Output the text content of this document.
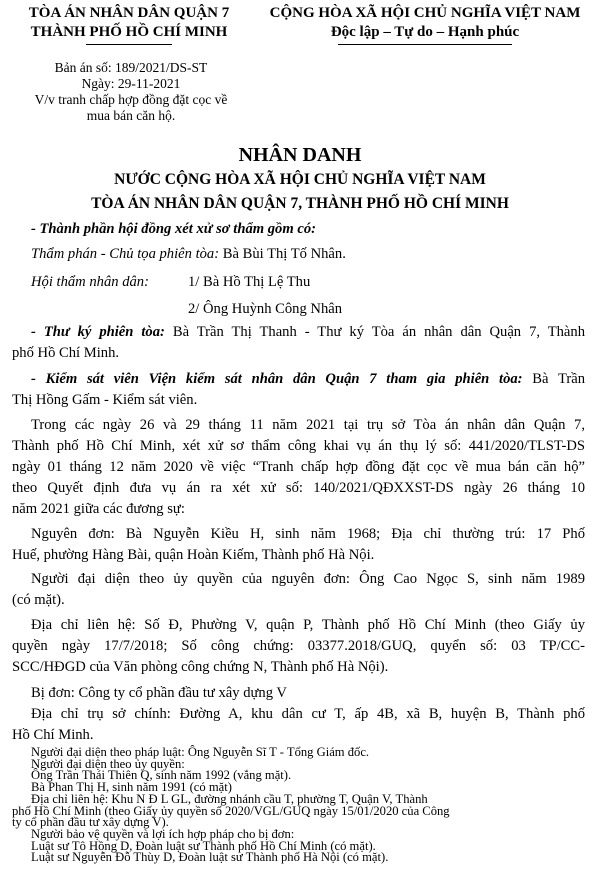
TÒA ÁN NHÂN DÂN QUẬN 7
THÀNH PHỐ HỒ CHÍ MINH
CỘNG HÒA XÃ HỘI CHỦ NGHĨA VIỆT NAM
Độc lập – Tự do – Hạnh phúc
Bản án số: 189/2021/DS-ST
Ngày: 29-11-2021
V/v tranh chấp hợp đồng đặt cọc về
mua bán căn hộ.
NHÂN DANH
NƯỚC CỘNG HÒA XÃ HỘI CHỦ NGHĨA VIỆT NAM
TÒA ÁN NHÂN DÂN QUẬN 7, THÀNH PHỐ HỒ CHÍ MINH
- Thành phần hội đồng xét xử sơ thẩm gồm có:
Thẩm phán - Chủ tọa phiên tòa: Bà Bùi Thị Tố Nhân.
Hội thẩm nhân dân:	1/ Bà Hồ Thị Lệ Thu
2/ Ông Huỳnh Công Nhân
- Thư ký phiên tòa: Bà Trần Thị Thanh - Thư ký Tòa án nhân dân Quận 7, Thành
phố Hồ Chí Minh.
- Kiểm sát viên Viện kiểm sát nhân dân Quận 7 tham gia phiên tòa: Bà Trần
Thị Hồng Gấm - Kiểm sát viên.
Trong các ngày 26 và 29 tháng 11 năm 2021 tại trụ sở Tòa án nhân dân Quận 7,
Thành phố Hồ Chí Minh, xét xử sơ thẩm công khai vụ án thụ lý số: 441/2020/TLST-DS
ngày 01 tháng 12 năm 2020 về việc “Tranh chấp hợp đồng đặt cọc về mua bán căn hộ”
theo Quyết định đưa vụ án ra xét xử số: 140/2021/QĐXXST-DS ngày 26 tháng 10
năm 2021 giữa các đương sự:
Nguyên đơn: Bà Nguyễn Kiều H, sinh năm 1968; Địa chỉ thường trú: 17 Phố
Huế, phường Hàng Bài, quận Hoàn Kiếm, Thành phố Hà Nội.
Người đại diện theo ủy quyền của nguyên đơn: Ông Cao Ngọc S, sinh năm 1989
(có mặt).
Địa chỉ liên hệ: Số Đ, Phường V, quận P, Thành phố Hồ Chí Minh (theo Giấy ủy
quyền ngày 17/7/2018; Số công chứng: 03377.2018/GUQ, quyển số: 03 TP/CC-
SCC/HĐGD của Văn phòng công chứng N, Thành phố Hà Nội).
Bị đơn: Công ty cổ phần đầu tư xây dựng V
Địa chỉ trụ sở chính: Đường A, khu dân cư T, ấp 4B, xã B, huyện B, Thành phố
Hồ Chí Minh.
Người đại diện theo pháp luật: Ông Nguyễn Sĩ T - Tổng Giám đốc.
Người đại diện theo ủy quyền:
Ông Trần Thái Thiên Q, sinh năm 1992 (vắng mặt).
Bà Phan Thị H, sinh năm 1991 (có mặt)
Địa chỉ liên hệ: Khu N Đ L GL, đường nhánh cầu T, phường T, Quận V, Thành
phố Hồ Chí Minh (theo Giấy ủy quyền số 2020/VGL/GUQ ngày 15/01/2020 của Công
ty cổ phần đầu tư xây dựng V).
Người bảo vệ quyền và lợi ích hợp pháp cho bị đơn:
Luật sư Tô Hồng D, Đoàn luật sư Thành phố Hồ Chí Minh (có mặt).
Luật sư Nguyễn Đỗ Thùy D, Đoàn luật sư Thành phố Hà Nội (có mặt).
